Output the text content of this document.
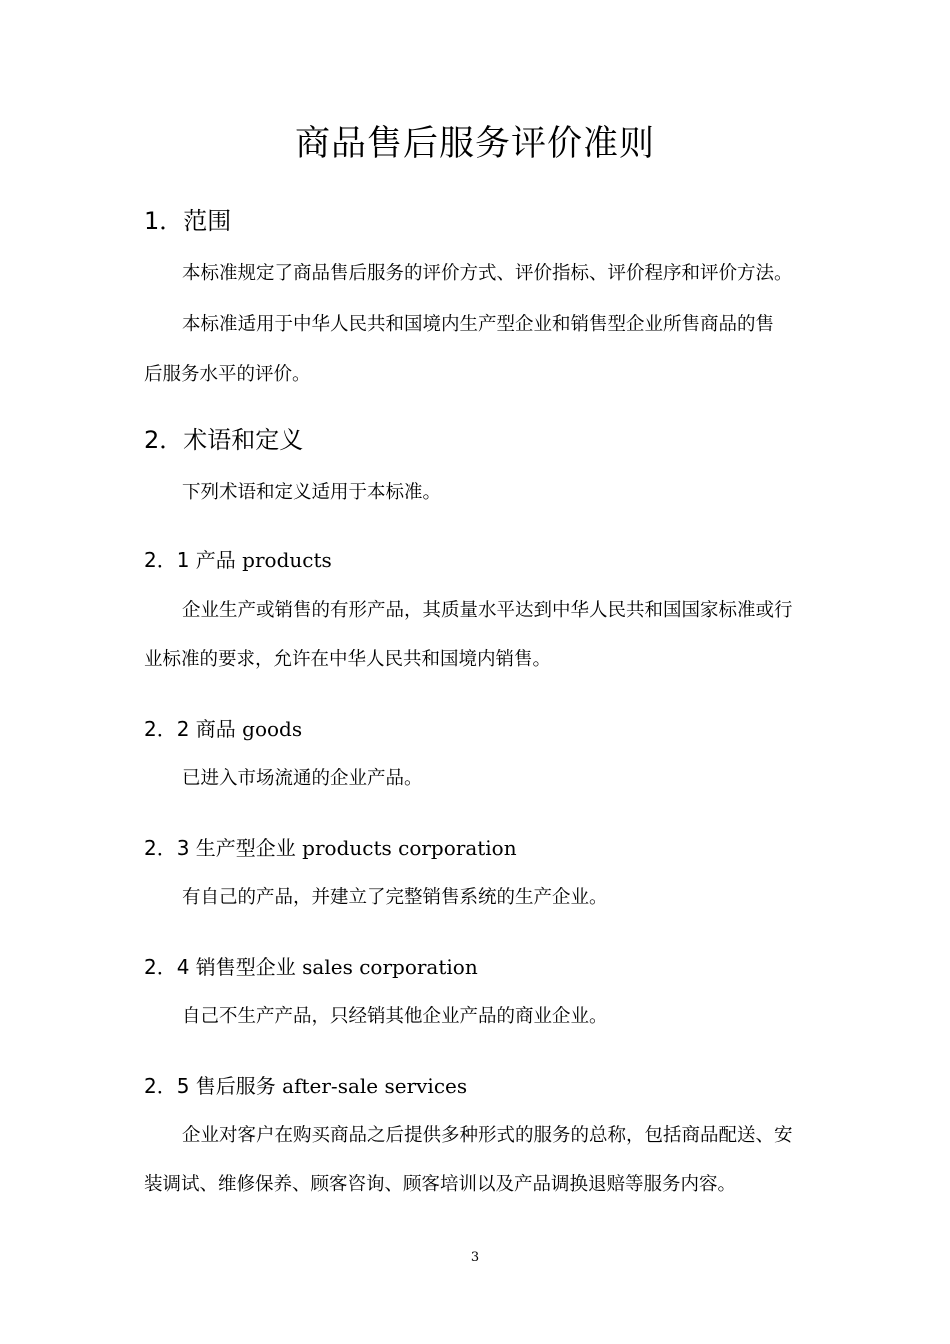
商品售后服务评价准则
1．范围
本标准规定了商品售后服务的评价方式、评价指标、评价程序和评价方法。
本标准适用于中华人民共和国境内生产型企业和销售型企业所售商品的售
后服务水平的评价。
2．术语和定义
下列术语和定义适用于本标准。
2．1 产品 products
企业生产或销售的有形产品，其质量水平达到中华人民共和国国家标准或行
业标准的要求，允许在中华人民共和国境内销售。
2．2 商品 goods
已进入市场流通的企业产品。
2．3 生产型企业 products corporation
有自己的产品，并建立了完整销售系统的生产企业。
2．4 销售型企业 sales corporation
自己不生产产品，只经销其他企业产品的商业企业。
2．5 售后服务 after-sale services
企业对客户在购买商品之后提供多种形式的服务的总称，包括商品配送、安
装调试、维修保养、顾客咨询、顾客培训以及产品调换退赔等服务内容。
3
